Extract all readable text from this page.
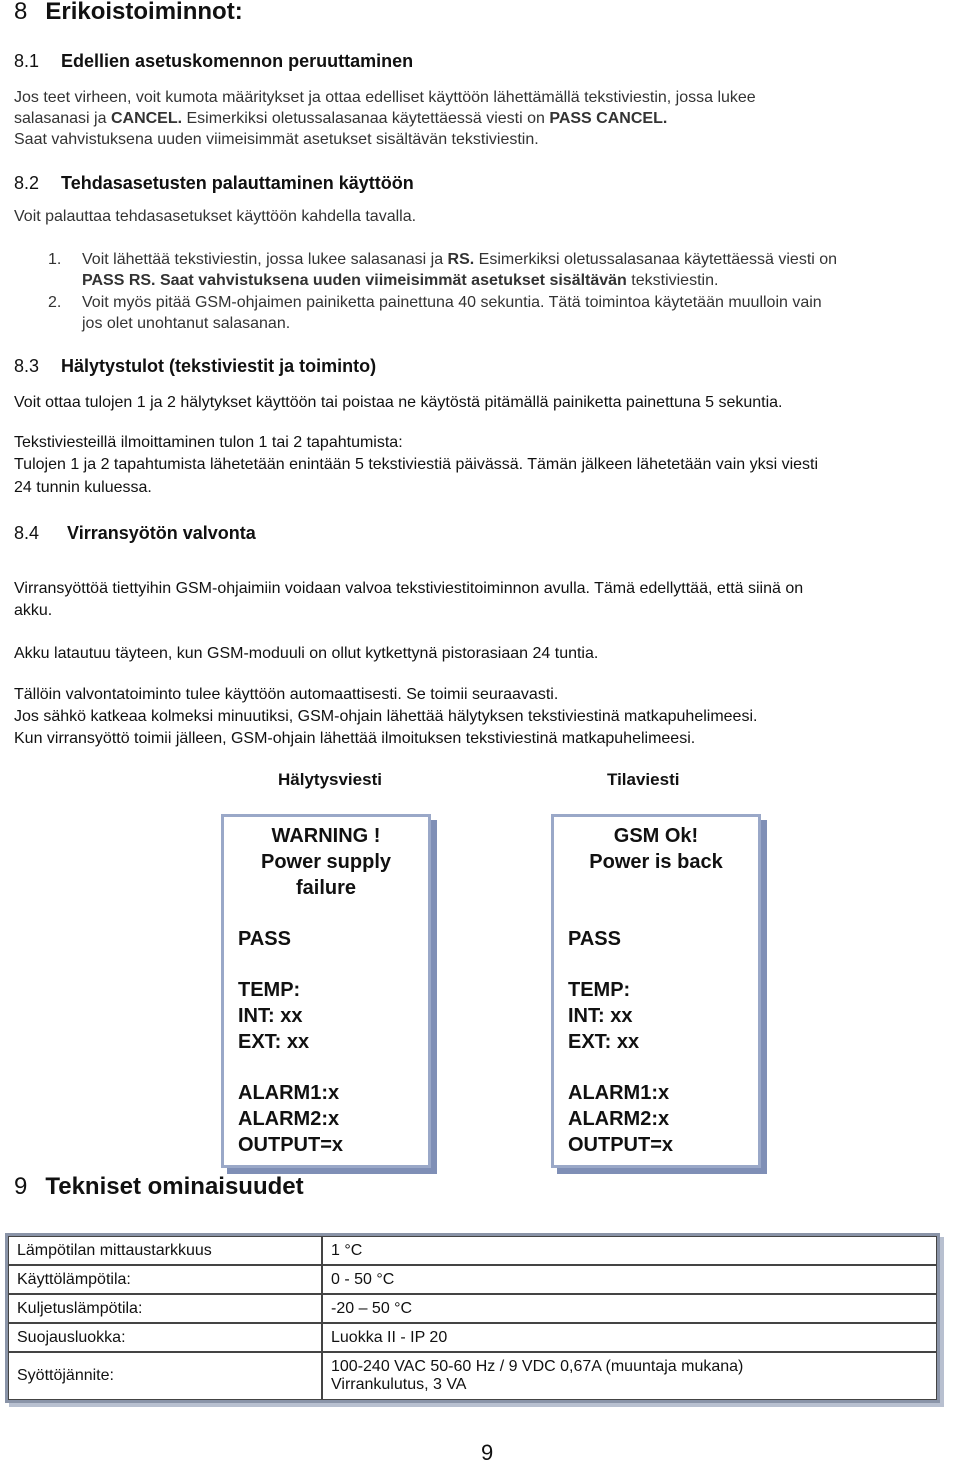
8 Erikoistoiminnot:
8.1 Edellien asetuskomennon peruuttaminen
Jos teet virheen, voit kumota määritykset ja ottaa edelliset käyttöön lähettämällä tekstiviestin, jossa lukee
salasanasi ja CANCEL. Esimerkiksi oletussalasanaa käytettäessä viesti on PASS CANCEL.
Saat vahvistuksena uuden viimeisimmät asetukset sisältävän tekstiviestin.
8.2 Tehdasasetusten palauttaminen käyttöön
Voit palauttaa tehdasasetukset käyttöön kahdella tavalla.
1. Voit lähettää tekstiviestin, jossa lukee salasanasi ja RS. Esimerkiksi oletussalasanaa käytettäessä viesti on
PASS RS. Saat vahvistuksena uuden viimeisimmät asetukset sisältävän tekstiviestin.
2. Voit myös pitää GSM-ohjaimen painiketta painettuna 40 sekuntia. Tätä toimintoa käytetään muulloin vain
jos olet unohtanut salasanan.
8.3 Hälytystulot (tekstiviestit ja toiminto)
Voit ottaa tulojen 1 ja 2 hälytykset käyttöön tai poistaa ne käytöstä pitämällä painiketta painettuna 5 sekuntia.
Tekstiviesteillä ilmoittaminen tulon 1 tai 2 tapahtumista:
Tulojen 1 ja 2 tapahtumista lähetetään enintään 5 tekstiviestiä päivässä. Tämän jälkeen lähetetään vain yksi viesti
24 tunnin kuluessa.
8.4 Virransyötön valvonta
Virransyöttöä tiettyihin GSM-ohjaimiin voidaan valvoa tekstiviestitoiminnon avulla. Tämä edellyttää, että siinä on
akku.
Akku latautuu täyteen, kun GSM-moduuli on ollut kytkettynä pistorasiaan 24 tuntia.
Tällöin valvontatoiminto tulee käyttöön automaattisesti. Se toimii seuraavasti.
Jos sähkö katkeaa kolmeksi minuutiksi, GSM-ohjain lähettää hälytyksen tekstiviestinä matkapuhelimeesi.
Kun virransyöttö toimii jälleen, GSM-ohjain lähettää ilmoituksen tekstiviestinä matkapuhelimeesi.
Hälytysviesti	Tilaviesti
WARNING !
Power supply
failure
PASS
TEMP:
INT: xx
EXT: xx
ALARM1:x
ALARM2:x
OUTPUT=x
GSM Ok!
Power is back
PASS
TEMP:
INT: xx
EXT: xx
ALARM1:x
ALARM2:x
OUTPUT=x
9 Tekniset ominaisuudet
Lämpötilan mittaustarkkuus	1 °C
Käyttölämpötila:	0 - 50 °C
Kuljetuslämpötila:	-20 – 50 °C
Suojausluokka:	Luokka II - IP 20
Syöttöjännite:	100-240 VAC 50-60 Hz / 9 VDC 0,67A (muuntaja mukana)
Virrankulutus, 3 VA
9
